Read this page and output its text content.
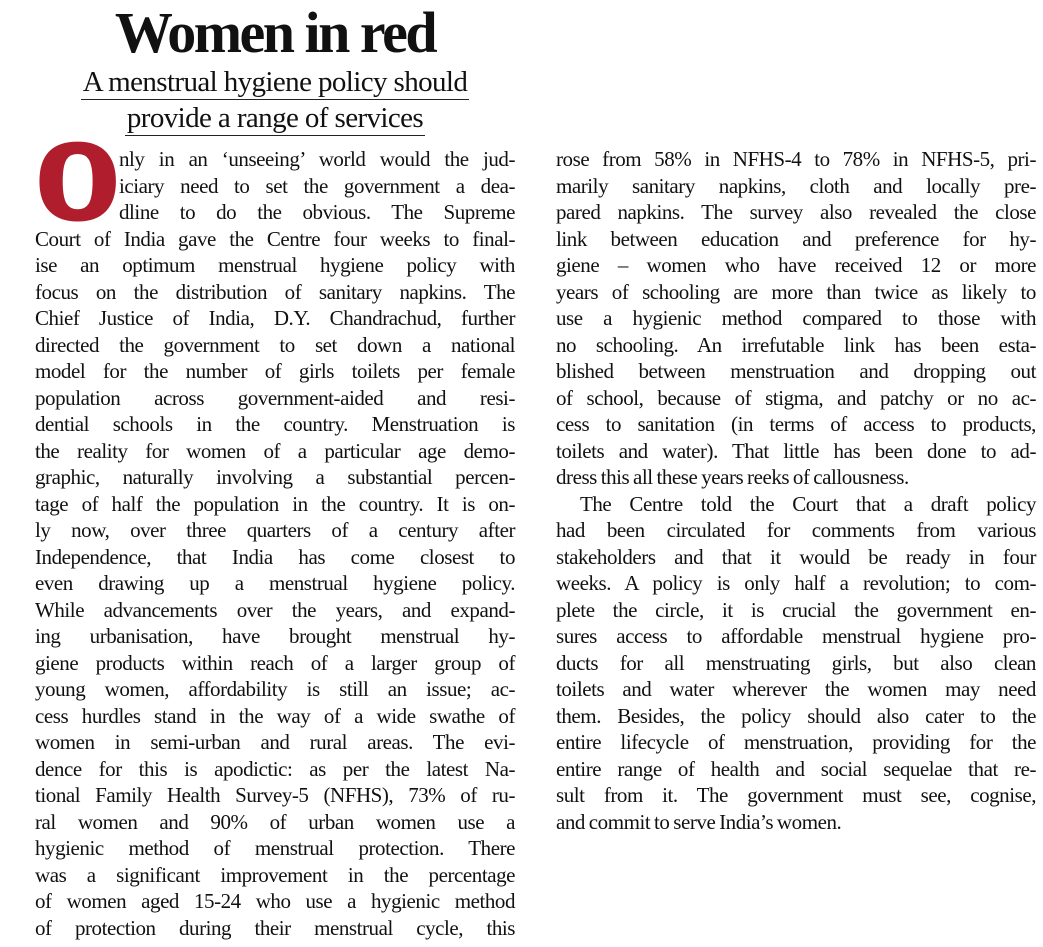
Women in red
A menstrual hygiene policy should
provide a range of services
O nly in an ‘unseeing’ world would the jud-
iciary need to set the government a dea-
dline to do the obvious. The Supreme
Court of India gave the Centre four weeks to final-
ise an optimum menstrual hygiene policy with
focus on the distribution of sanitary napkins. The
Chief Justice of India, D.Y. Chandrachud, further
directed the government to set down a national
model for the number of girls toilets per female
population across government-aided and resi-
dential schools in the country. Menstruation is
the reality for women of a particular age demo-
graphic, naturally involving a substantial percen-
tage of half the population in the country. It is on-
ly now, over three quarters of a century after
Independence, that India has come closest to
even drawing up a menstrual hygiene policy.
While advancements over the years, and expand-
ing urbanisation, have brought menstrual hy-
giene products within reach of a larger group of
young women, affordability is still an issue; ac-
cess hurdles stand in the way of a wide swathe of
women in semi-urban and rural areas. The evi-
dence for this is apodictic: as per the latest Na-
tional Family Health Survey-5 (NFHS), 73% of ru-
ral women and 90% of urban women use a
hygienic method of menstrual protection. There
was a significant improvement in the percentage
of women aged 15-24 who use a hygienic method
of protection during their menstrual cycle, this
rose from 58% in NFHS-4 to 78% in NFHS-5, pri-
marily sanitary napkins, cloth and locally pre-
pared napkins. The survey also revealed the close
link between education and preference for hy-
giene – women who have received 12 or more
years of schooling are more than twice as likely to
use a hygienic method compared to those with
no schooling. An irrefutable link has been esta-
blished between menstruation and dropping out
of school, because of stigma, and patchy or no ac-
cess to sanitation (in terms of access to products,
toilets and water). That little has been done to ad-
dress this all these years reeks of callousness.
The Centre told the Court that a draft policy
had been circulated for comments from various
stakeholders and that it would be ready in four
weeks. A policy is only half a revolution; to com-
plete the circle, it is crucial the government en-
sures access to affordable menstrual hygiene pro-
ducts for all menstruating girls, but also clean
toilets and water wherever the women may need
them. Besides, the policy should also cater to the
entire lifecycle of menstruation, providing for the
entire range of health and social sequelae that re-
sult from it. The government must see, cognise,
and commit to serve India’s women.
